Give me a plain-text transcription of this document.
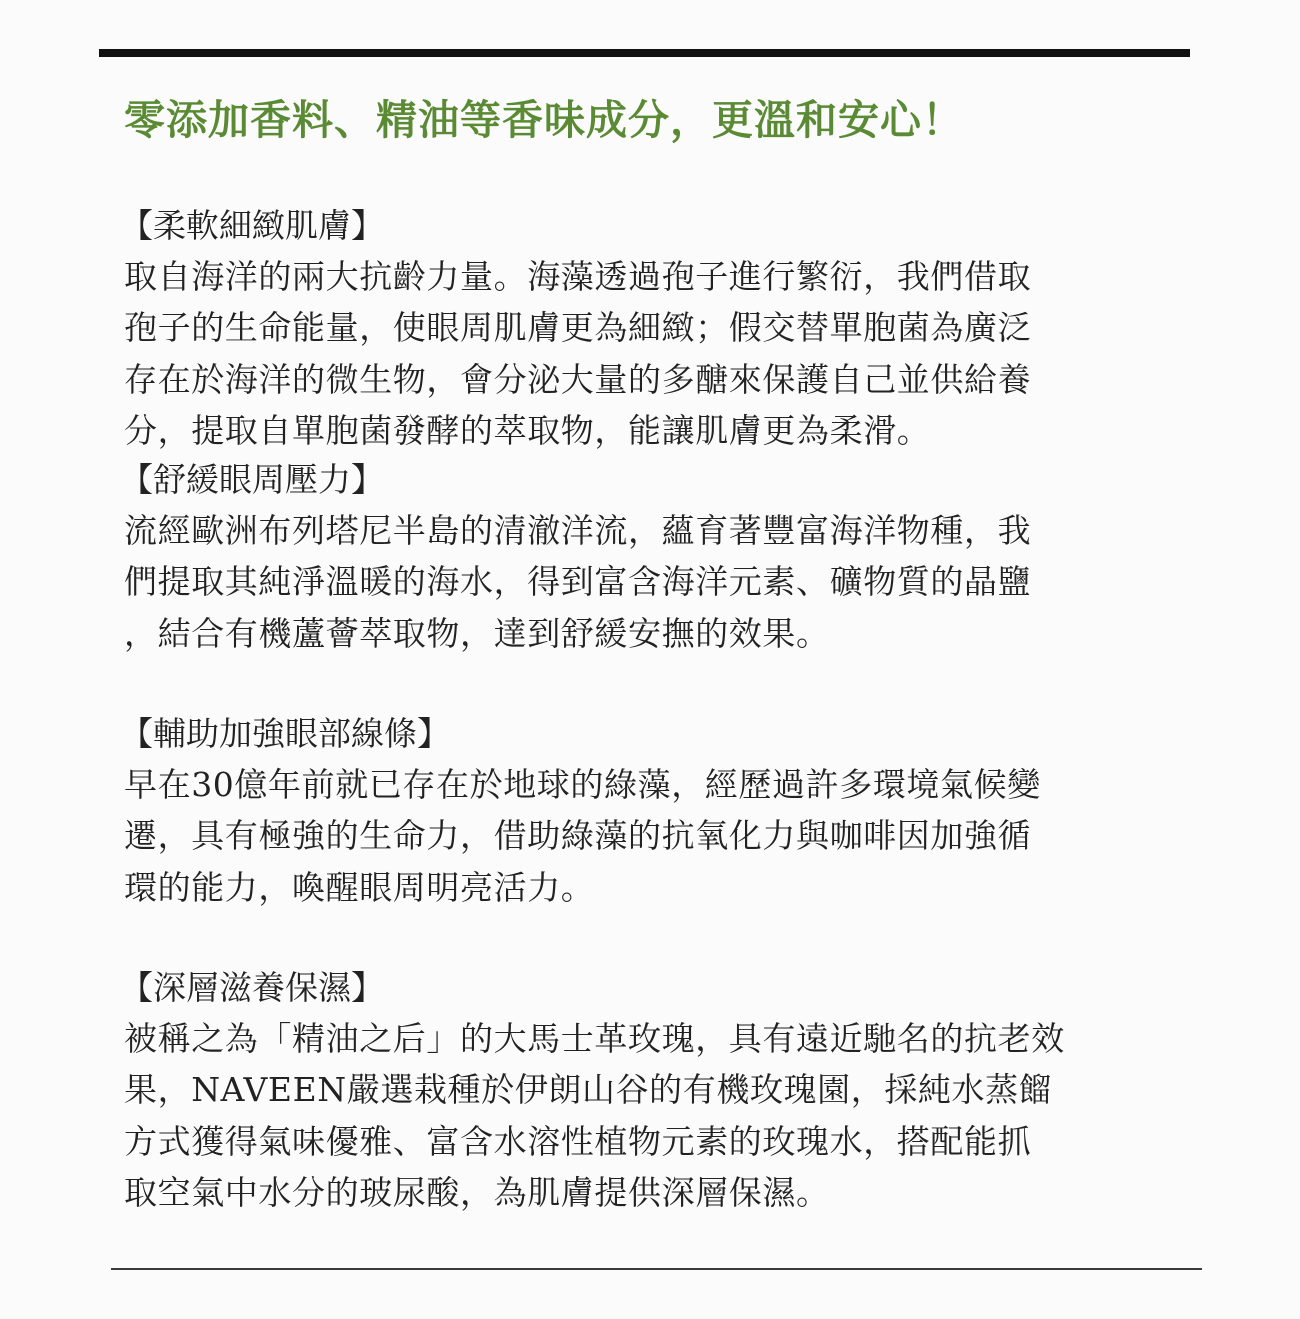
零添加香料、精油等香味成分，更溫和安心！
【柔軟細緻肌膚】
取自海洋的兩大抗齡力量。海藻透過孢子進行繁衍，我們借取
孢子的生命能量，使眼周肌膚更為細緻；假交替單胞菌為廣泛
存在於海洋的微生物，會分泌大量的多醣來保護自己並供給養
分，提取自單胞菌發酵的萃取物，能讓肌膚更為柔滑。
【舒緩眼周壓力】
流經歐洲布列塔尼半島的清澈洋流，蘊育著豐富海洋物種，我
們提取其純淨溫暖的海水，得到富含海洋元素、礦物質的晶鹽
，結合有機蘆薈萃取物，達到舒緩安撫的效果。
【輔助加強眼部線條】
早在30億年前就已存在於地球的綠藻，經歷過許多環境氣候變
遷，具有極強的生命力，借助綠藻的抗氧化力與咖啡因加強循
環的能力，喚醒眼周明亮活力。
【深層滋養保濕】
被稱之為「精油之后」的大馬士革玫瑰，具有遠近馳名的抗老效
果，NAVEEN嚴選栽種於伊朗山谷的有機玫瑰園，採純水蒸餾
方式獲得氣味優雅、富含水溶性植物元素的玫瑰水，搭配能抓
取空氣中水分的玻尿酸，為肌膚提供深層保濕。
